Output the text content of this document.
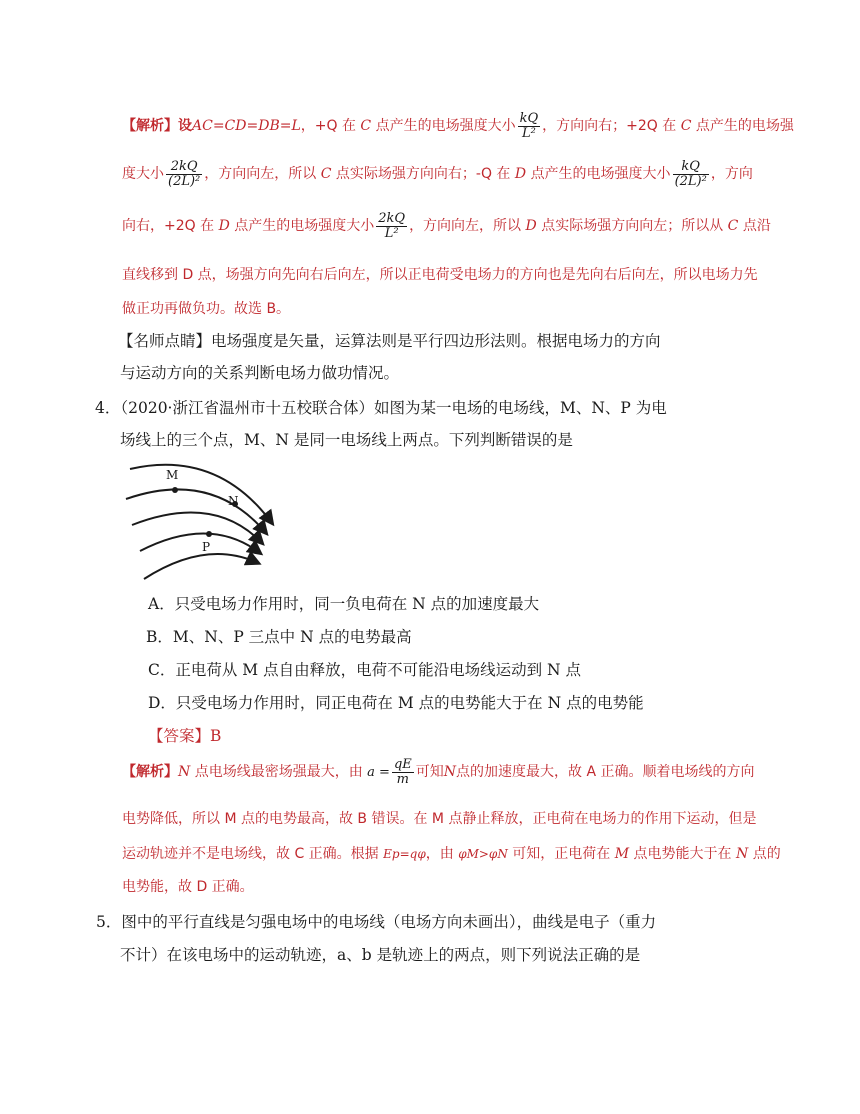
【解析】设AC=CD=DB=L，+Q 在 C 点产生的电场强度大小 $\frac{kQ}{\text{L²}}$ ，方向向右；+2Q 在 C 点产生的电场强
度大小 $\frac{2kQ}{\text{(2L)²}}$ ，方向向左，所以 C 点实际场强方向向右；-Q 在 D 点产生的电场强度大小 $\frac{kQ}{\text{(2L)²}}$ ，方向
向右，+2Q 在 D 点产生的电场强度大小 $\frac{2kQ}{\text{L²}}$ ，方向向左，所以 D 点实际场强方向向左；所以从 C 点沿
直线移到 D 点，场强方向先向右后向左，所以正电荷受电场力的方向也是先向右后向左，所以电场力先
做正功再做负功。故选 B。
【名师点睛】电场强度是矢量，运算法则是平行四边形法则。根据电场力的方向
与运动方向的关系判断电场力做功情况。
4．（2020·浙江省温州市十五校联合体）如图为某一电场的电场线，M、N、P 为电
场线上的三个点，M、N 是同一电场线上两点。下列判断错误的是
M
N
P
A．只受电场力作用时，同一负电荷在 N 点的加速度最大
B．M、N、P 三点中 N 点的电势最高
C．正电荷从 M 点自由释放，电荷不可能沿电场线运动到 N 点
D．只受电场力作用时，同正电荷在 M 点的电势能大于在 N 点的电势能
【答案】B
【解析】N 点电场线最密场强最大，由 $a = \frac{qE}{m}$ 可知N点的加速度最大，故 A 正确。顺着电场线的方向
电势降低，所以 M 点的电势最高，故 B 错误。在 M 点静止释放，正电荷在电场力的作用下运动，但是
运动轨迹并不是电场线，故 C 正确。根据 Ep=qφ，由 φM>φN 可知，正电荷在 M 点电势能大于在 N 点的
电势能，故 D 正确。
5．图中的平行直线是匀强电场中的电场线（电场方向未画出），曲线是电子（重力
不计）在该电场中的运动轨迹，a、b 是轨迹上的两点，则下列说法正确的是
